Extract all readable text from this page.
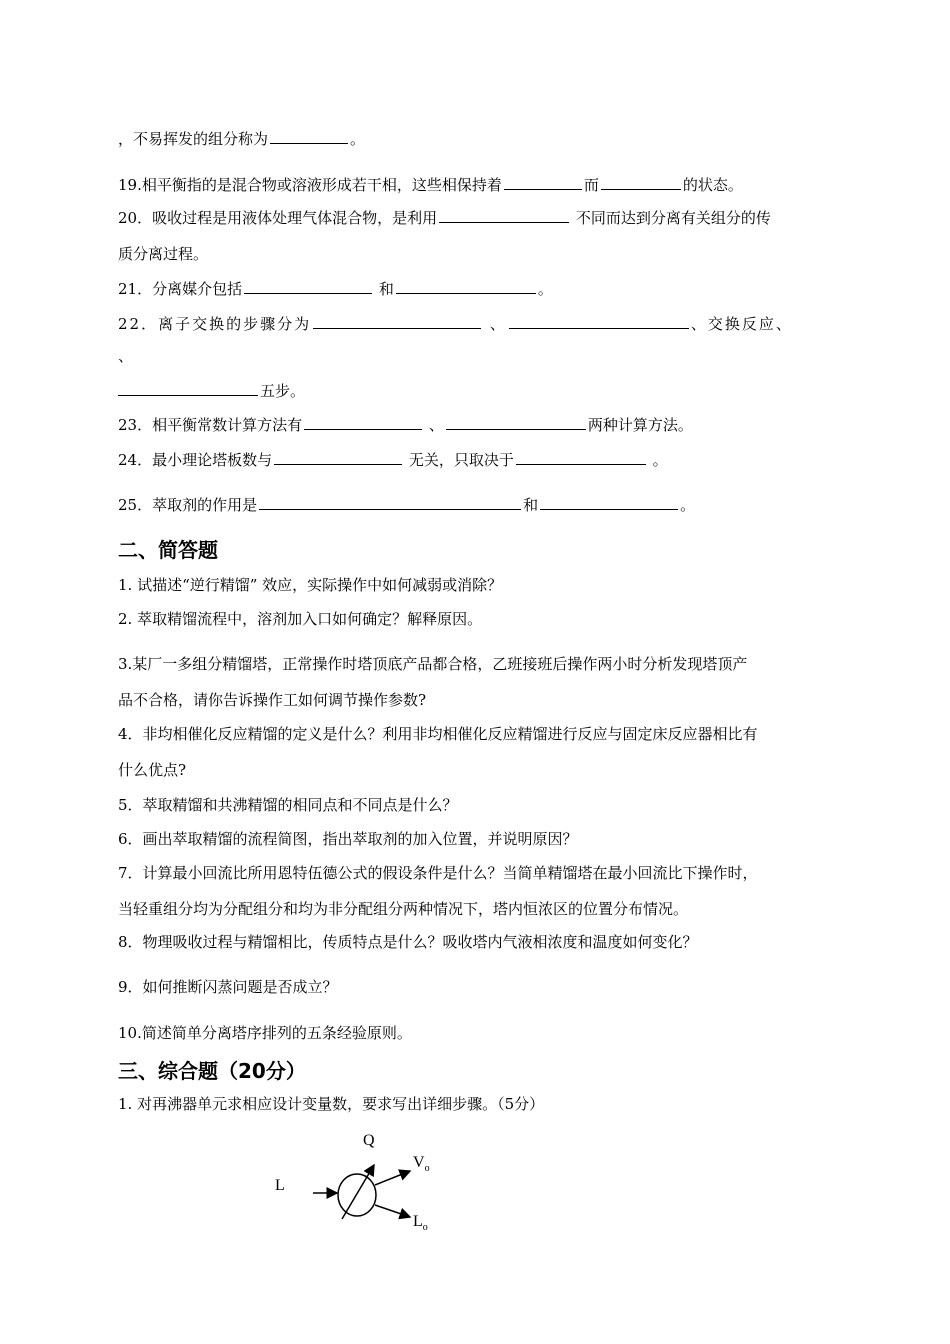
，不易挥发的组分称为	。
19.相平衡指的是混合物或溶液形成若干相，这些相保持着	而	的状态。
20．吸收过程是用液体处理气体混合物，是利用	不同而达到分离有关组分的传
质分离过程。
21．分离媒介包括	和	。
22．离子交换的步骤分为	、	、交换反应、
、
五步。
23．相平衡常数计算方法有	、	两种计算方法。
24．最小理论塔板数与	无关，只取决于	。
25．萃取剂的作用是	和	。
二、简答题
1. 试描述“逆行精馏” 效应，实际操作中如何减弱或消除？
2. 萃取精馏流程中，溶剂加入口如何确定？解释原因。
3.某厂一多组分精馏塔，正常操作时塔顶底产品都合格，乙班接班后操作两小时分析发现塔顶产
品不合格，请你告诉操作工如何调节操作参数?
4．非均相催化反应精馏的定义是什么？利用非均相催化反应精馏进行反应与固定床反应器相比有
什么优点?
5．萃取精馏和共沸精馏的相同点和不同点是什么？
6．画出萃取精馏的流程简图，指出萃取剂的加入位置，并说明原因？
7．计算最小回流比所用恩特伍德公式的假设条件是什么？当简单精馏塔在最小回流比下操作时，
当轻重组分均为分配组分和均为非分配组分两种情况下，塔内恒浓区的位置分布情况。
8．物理吸收过程与精馏相比，传质特点是什么？吸收塔内气液相浓度和温度如何变化？
9．如何推断闪蒸问题是否成立？
10.简述简单分离塔序排列的五条经验原则。
三、综合题（20分）
1. 对再沸器单元求相应设计变量数，要求写出详细步骤。（5分）
Q
L
$V_o$
$L_o$
